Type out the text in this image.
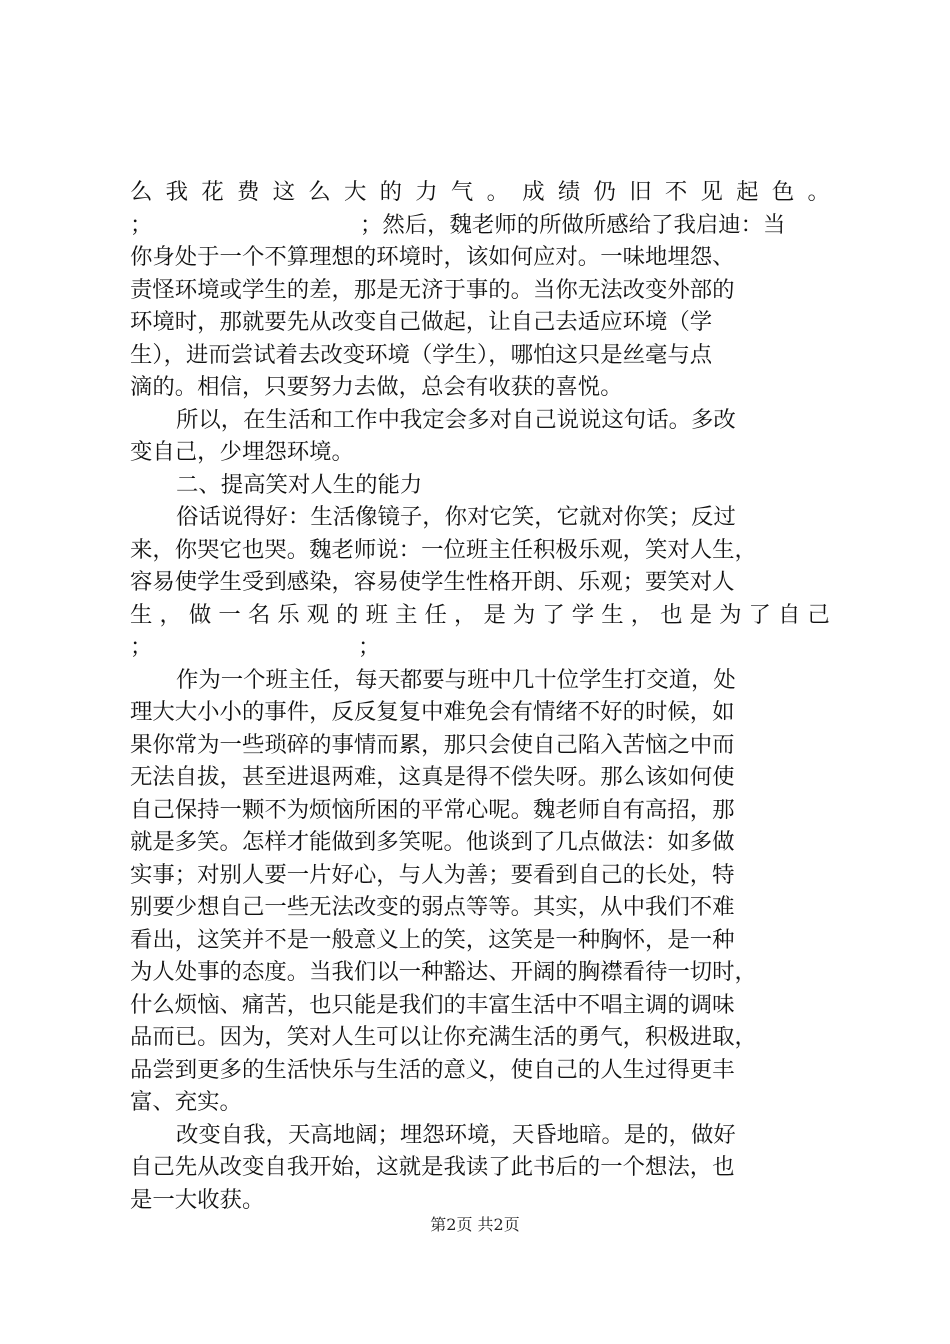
么 我 花 费 这 么 大 的 力 气 。 成 绩 仍 旧 不 见 起 色 。
；	；然后，魏老师的所做所感给了我启迪：当
你身处于一个不算理想的环境时，该如何应对。一味地埋怨、
责怪环境或学生的差，那是无济于事的。当你无法改变外部的
环境时，那就要先从改变自己做起，让自己去适应环境（学
生），进而尝试着去改变环境（学生），哪怕这只是丝毫与点
滴的。相信，只要努力去做，总会有收获的喜悦。
所以，在生活和工作中我定会多对自己说说这句话。多改
变自己，少埋怨环境。
二、提高笑对人生的能力
俗话说得好：生活像镜子，你对它笑，它就对你笑；反过
来，你哭它也哭。魏老师说：一位班主任积极乐观，笑对人生，
容易使学生受到感染，容易使学生性格开朗、乐观；要笑对人
生 ， 做 一 名 乐 观 的 班 主 任 ， 是 为 了 学 生 ， 也 是 为 了 自 己
；	；
作为一个班主任，每天都要与班中几十位学生打交道，处
理大大小小的事件，反反复复中难免会有情绪不好的时候，如
果你常为一些琐碎的事情而累，那只会使自己陷入苦恼之中而
无法自拔，甚至进退两难，这真是得不偿失呀。那么该如何使
自己保持一颗不为烦恼所困的平常心呢。魏老师自有高招，那
就是多笑。怎样才能做到多笑呢。他谈到了几点做法：如多做
实事；对别人要一片好心，与人为善；要看到自己的长处，特
别要少想自己一些无法改变的弱点等等。其实，从中我们不难
看出，这笑并不是一般意义上的笑，这笑是一种胸怀，是一种
为人处事的态度。当我们以一种豁达、开阔的胸襟看待一切时，
什么烦恼、痛苦，也只能是我们的丰富生活中不唱主调的调味
品而已。因为，笑对人生可以让你充满生活的勇气，积极进取，
品尝到更多的生活快乐与生活的意义，使自己的人生过得更丰
富、充实。
改变自我，天高地阔；埋怨环境，天昏地暗。是的，做好
自己先从改变自我开始，这就是我读了此书后的一个想法，也
是一大收获。
第2页 共2页
